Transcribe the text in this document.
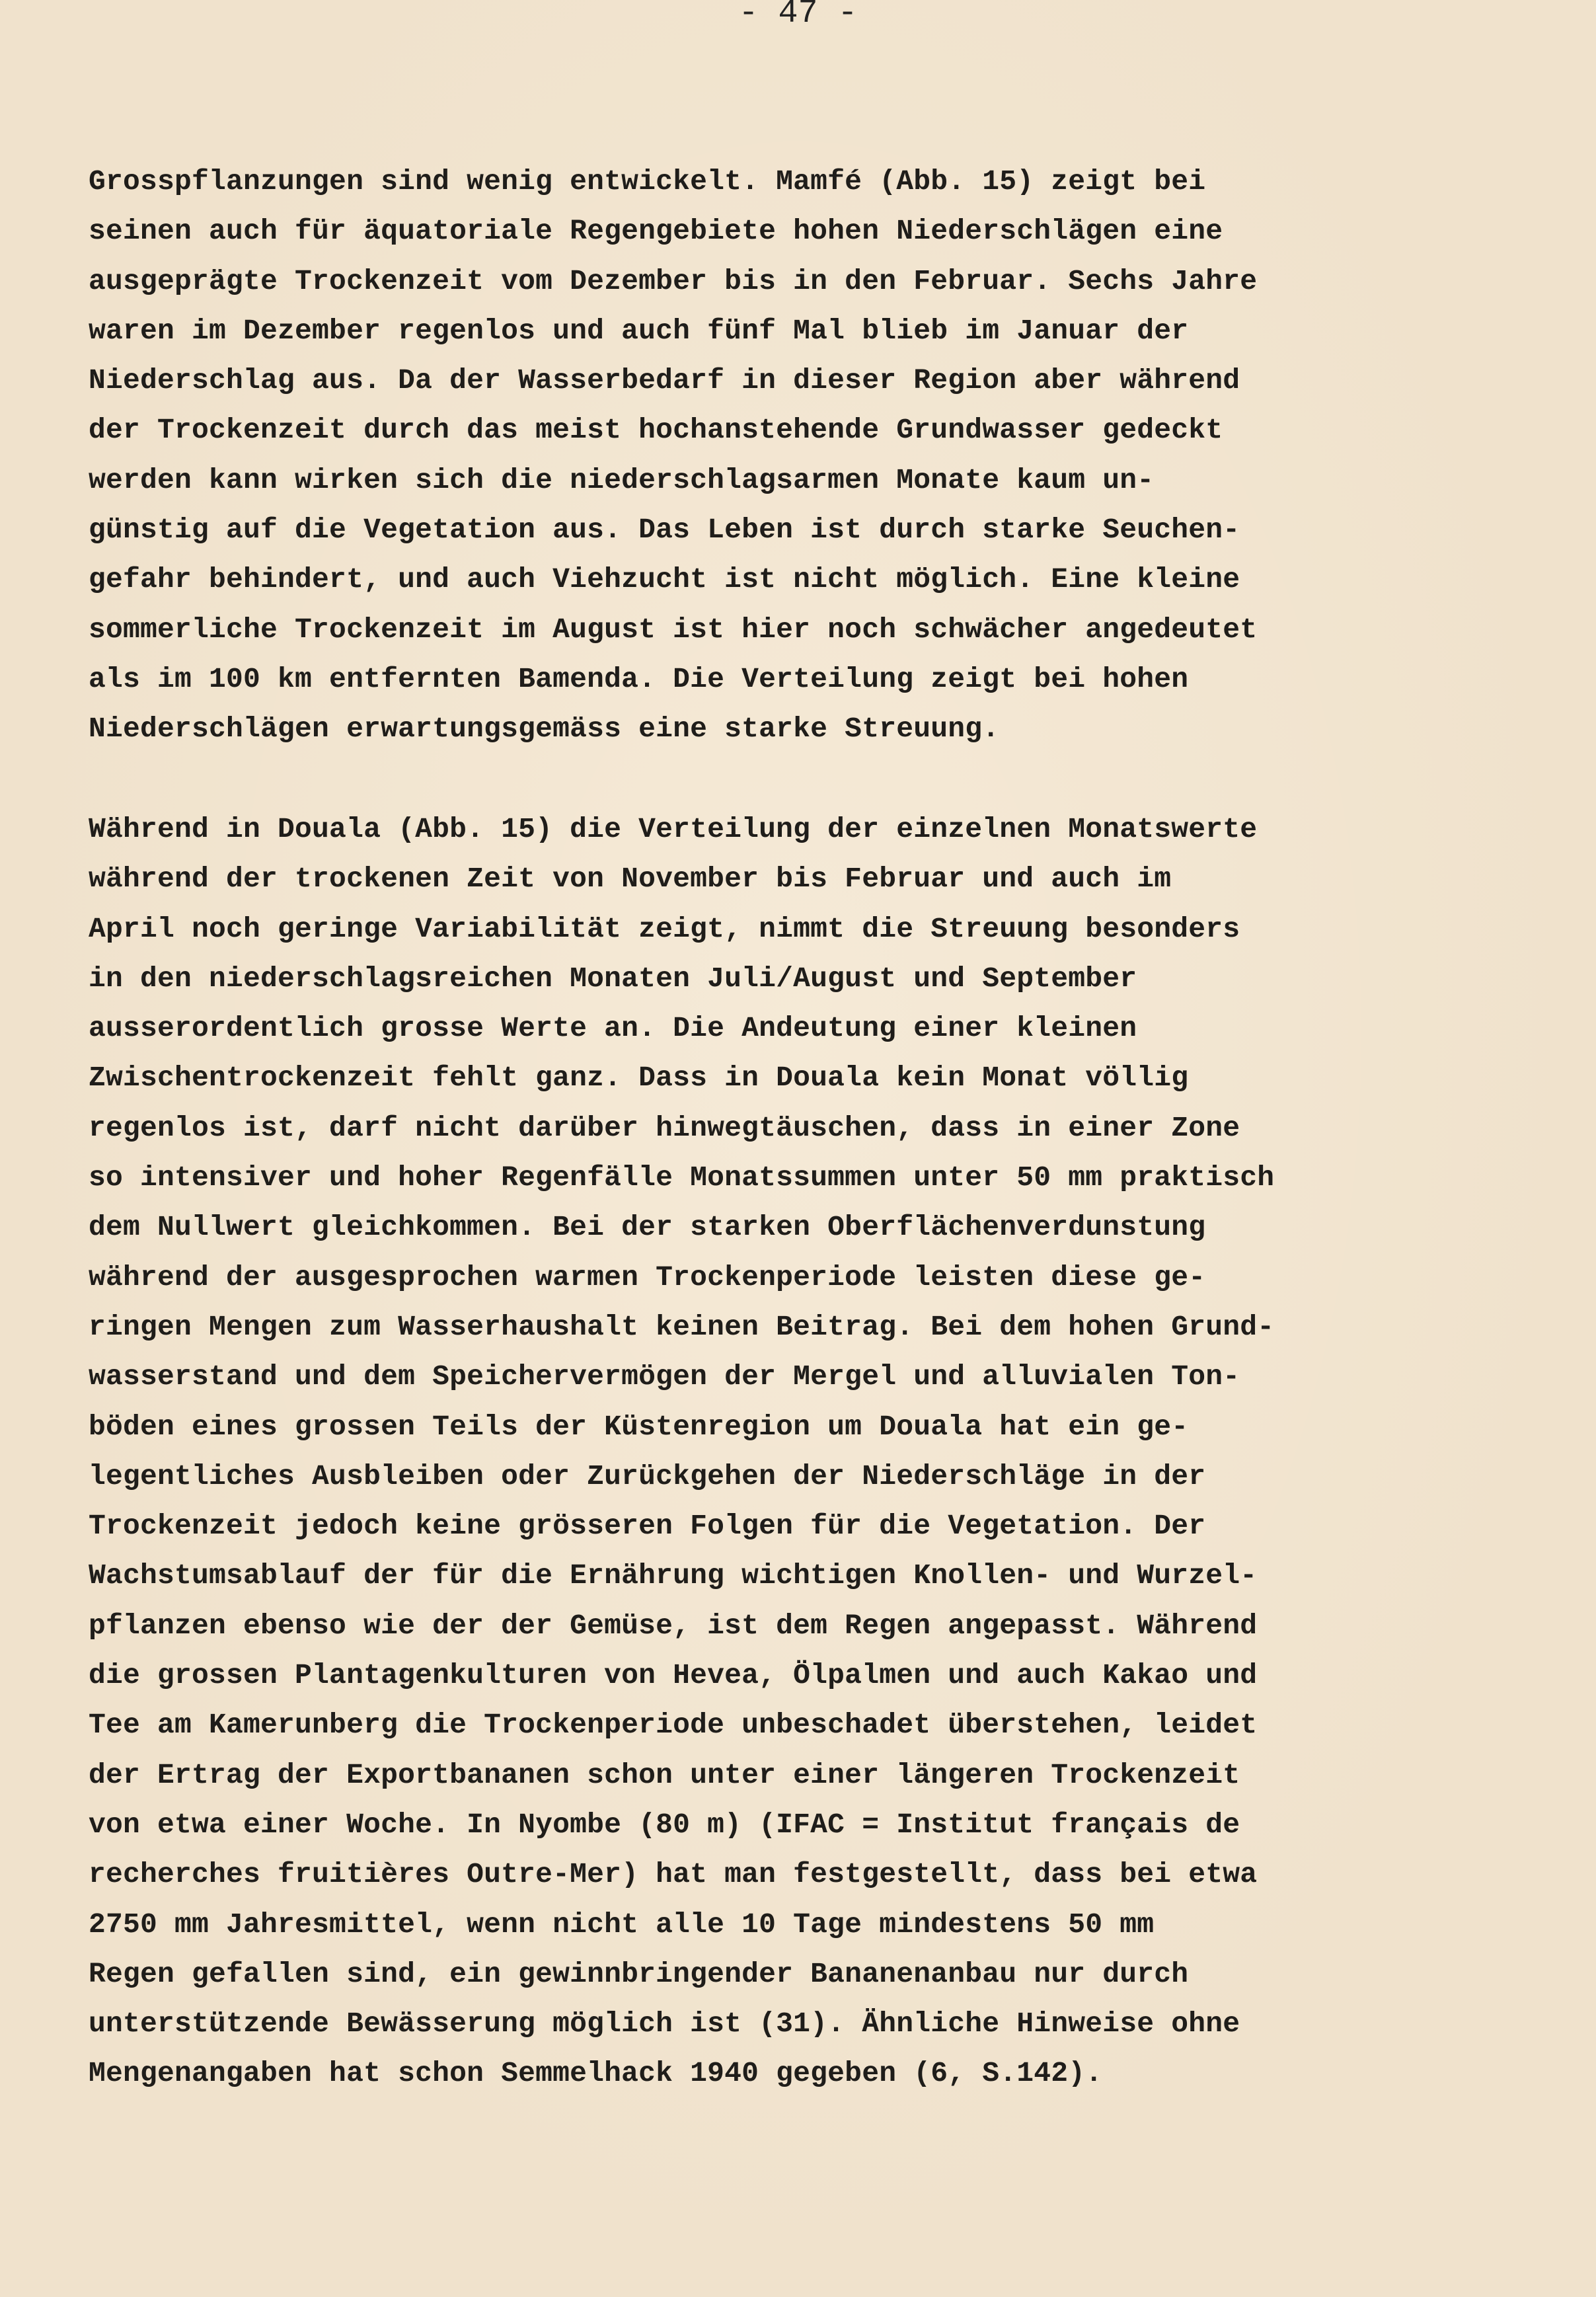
- 47 -
Grosspflanzungen sind wenig entwickelt. Mamfé (Abb. 15) zeigt bei
seinen auch für äquatoriale Regengebiete hohen Niederschlägen eine
ausgeprägte Trockenzeit vom Dezember bis in den Februar. Sechs Jahre
waren im Dezember regenlos und auch fünf Mal blieb im Januar der
Niederschlag aus. Da der Wasserbedarf in dieser Region aber während
der Trockenzeit durch das meist hochanstehende Grundwasser gedeckt
werden kann wirken sich die niederschlagsarmen Monate kaum un-
günstig auf die Vegetation aus. Das Leben ist durch starke Seuchen-
gefahr behindert, und auch Viehzucht ist nicht möglich. Eine kleine
sommerliche Trockenzeit im August ist hier noch schwächer angedeutet
als im 100 km entfernten Bamenda. Die Verteilung zeigt bei hohen
Niederschlägen erwartungsgemäss eine starke Streuung.
Während in Douala (Abb. 15) die Verteilung der einzelnen Monatswerte
während der trockenen Zeit von November bis Februar und auch im
April noch geringe Variabilität zeigt, nimmt die Streuung besonders
in den niederschlagsreichen Monaten Juli/August und September
ausserordentlich grosse Werte an. Die Andeutung einer kleinen
Zwischentrockenzeit fehlt ganz. Dass in Douala kein Monat völlig
regenlos ist, darf nicht darüber hinwegtäuschen, dass in einer Zone
so intensiver und hoher Regenfälle Monatssummen unter 50 mm praktisch
dem Nullwert gleichkommen. Bei der starken Oberflächenverdunstung
während der ausgesprochen warmen Trockenperiode leisten diese ge-
ringen Mengen zum Wasserhaushalt keinen Beitrag. Bei dem hohen Grund-
wasserstand und dem Speichervermögen der Mergel und alluvialen Ton-
böden eines grossen Teils der Küstenregion um Douala hat ein ge-
legentliches Ausbleiben oder Zurückgehen der Niederschläge in der
Trockenzeit jedoch keine grösseren Folgen für die Vegetation. Der
Wachstumsablauf der für die Ernährung wichtigen Knollen- und Wurzel-
pflanzen ebenso wie der der Gemüse, ist dem Regen angepasst. Während
die grossen Plantagenkulturen von Hevea, Ölpalmen und auch Kakao und
Tee am Kamerunberg die Trockenperiode unbeschadet überstehen, leidet
der Ertrag der Exportbananen schon unter einer längeren Trockenzeit
von etwa einer Woche. In Nyombe (80 m) (IFAC = Institut français de
recherches fruitières Outre-Mer) hat man festgestellt, dass bei etwa
2750 mm Jahresmittel, wenn nicht alle 10 Tage mindestens 50 mm
Regen gefallen sind, ein gewinnbringender Bananenanbau nur durch
unterstützende Bewässerung möglich ist (31). Ähnliche Hinweise ohne
Mengenangaben hat schon Semmelhack 1940 gegeben (6, S.142).
